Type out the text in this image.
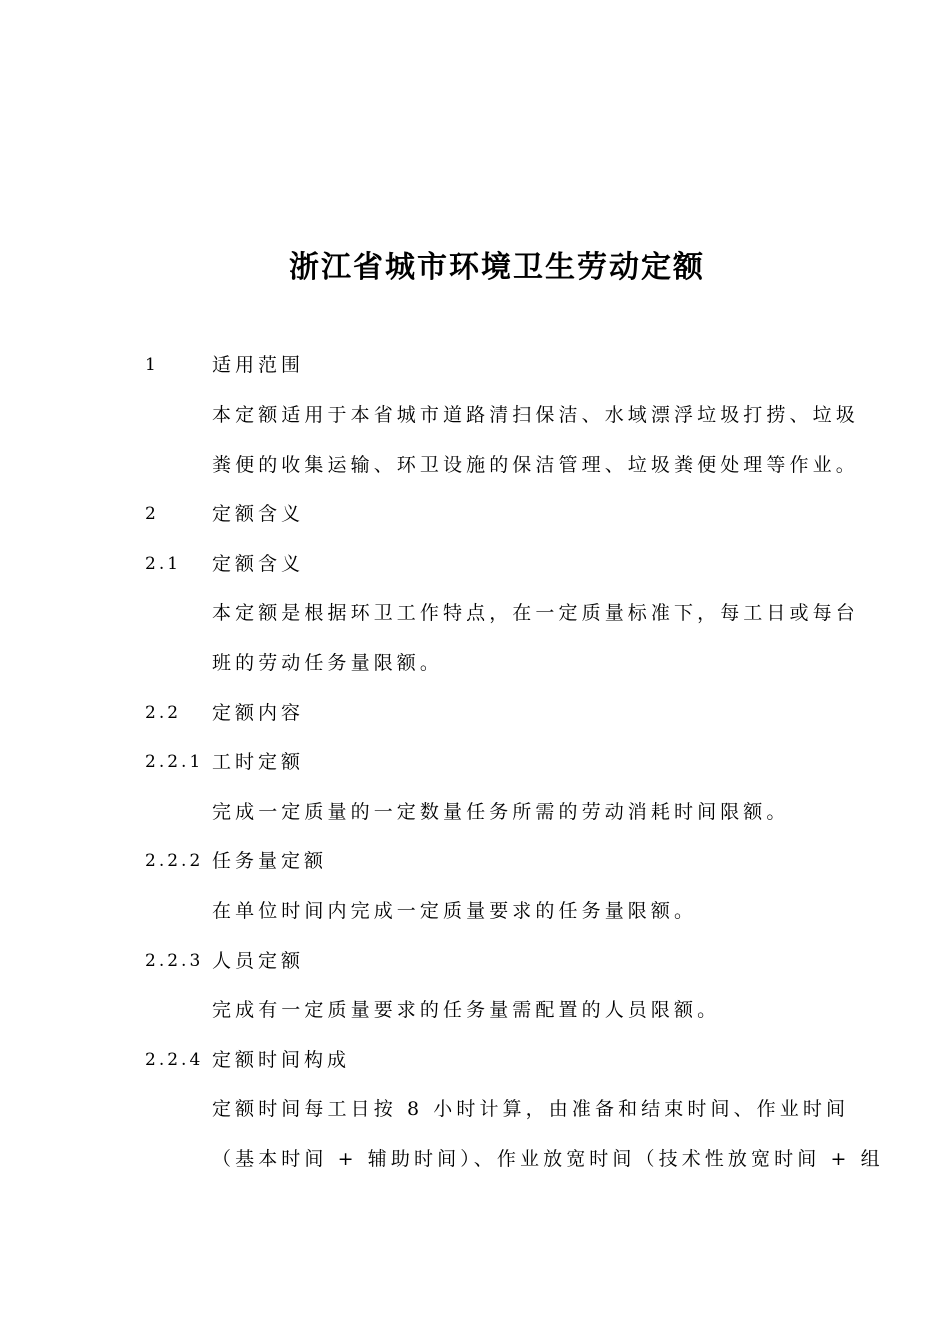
浙江省城市环境卫生劳动定额
1	适用范围
本定额适用于本省城市道路清扫保洁、水域漂浮垃圾打捞、垃圾
粪便的收集运输、环卫设施的保洁管理、垃圾粪便处理等作业。
2	定额含义
2.1 定额含义
本定额是根据环卫工作特点，在一定质量标准下，每工日或每台
班的劳动任务量限额。
2.2 定额内容
2.2.1 工时定额
完成一定质量的一定数量任务所需的劳动消耗时间限额。
2.2.2 任务量定额
在单位时间内完成一定质量要求的任务量限额。
2.2.3 人员定额
完成有一定质量要求的任务量需配置的人员限额。
2.2.4 定额时间构成
定额时间每工日按 8 小时计算，由准备和结束时间、作业时间
（基本时间 + 辅助时间）、作业放宽时间（技术性放宽时间 + 组
